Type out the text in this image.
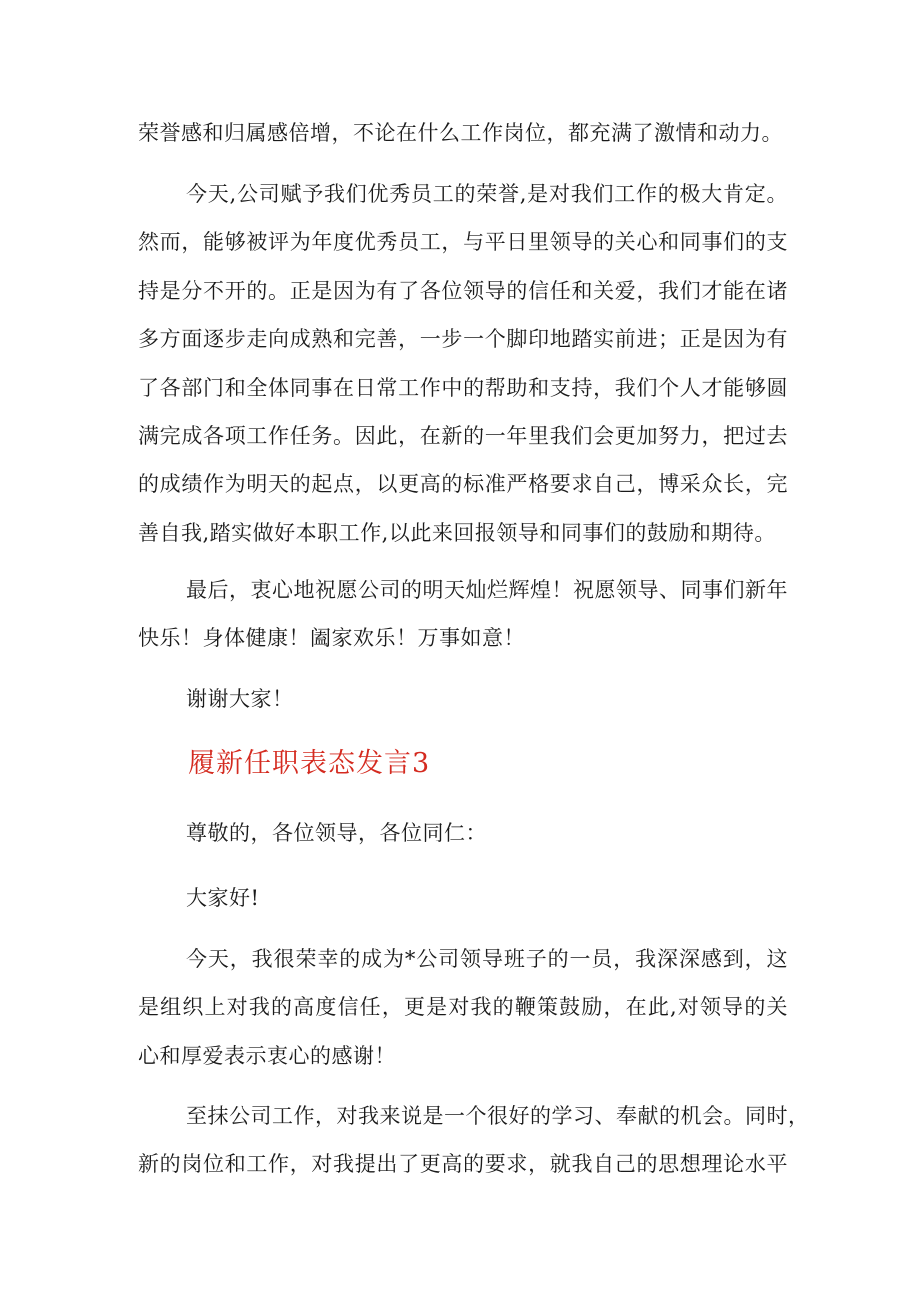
荣誉感和归属感倍增，不论在什么工作岗位，都充满了激情和动力。
今天,公司赋予我们优秀员工的荣誉,是对我们工作的极大肯定。
然而，能够被评为年度优秀员工，与平日里领导的关心和同事们的支
持是分不开的。正是因为有了各位领导的信任和关爱，我们才能在诸
多方面逐步走向成熟和完善，一步一个脚印地踏实前进；正是因为有
了各部门和全体同事在日常工作中的帮助和支持，我们个人才能够圆
满完成各项工作任务。因此，在新的一年里我们会更加努力，把过去
的成绩作为明天的起点，以更高的标准严格要求自己，博采众长，完
善自我,踏实做好本职工作,以此来回报领导和同事们的鼓励和期待。
最后，衷心地祝愿公司的明天灿烂辉煌！祝愿领导、同事们新年
快乐！身体健康！阖家欢乐！万事如意！
谢谢大家！
履新任职表态发言3
尊敬的，各位领导，各位同仁：
大家好!
今天，我很荣幸的成为*公司领导班子的一员，我深深感到，这
是组织上对我的高度信任，更是对我的鞭策鼓励，在此,对领导的关
心和厚爱表示衷心的感谢！
至抹公司工作，对我来说是一个很好的学习、奉献的机会。同时，
新的岗位和工作，对我提出了更高的要求，就我自己的思想理论水平
